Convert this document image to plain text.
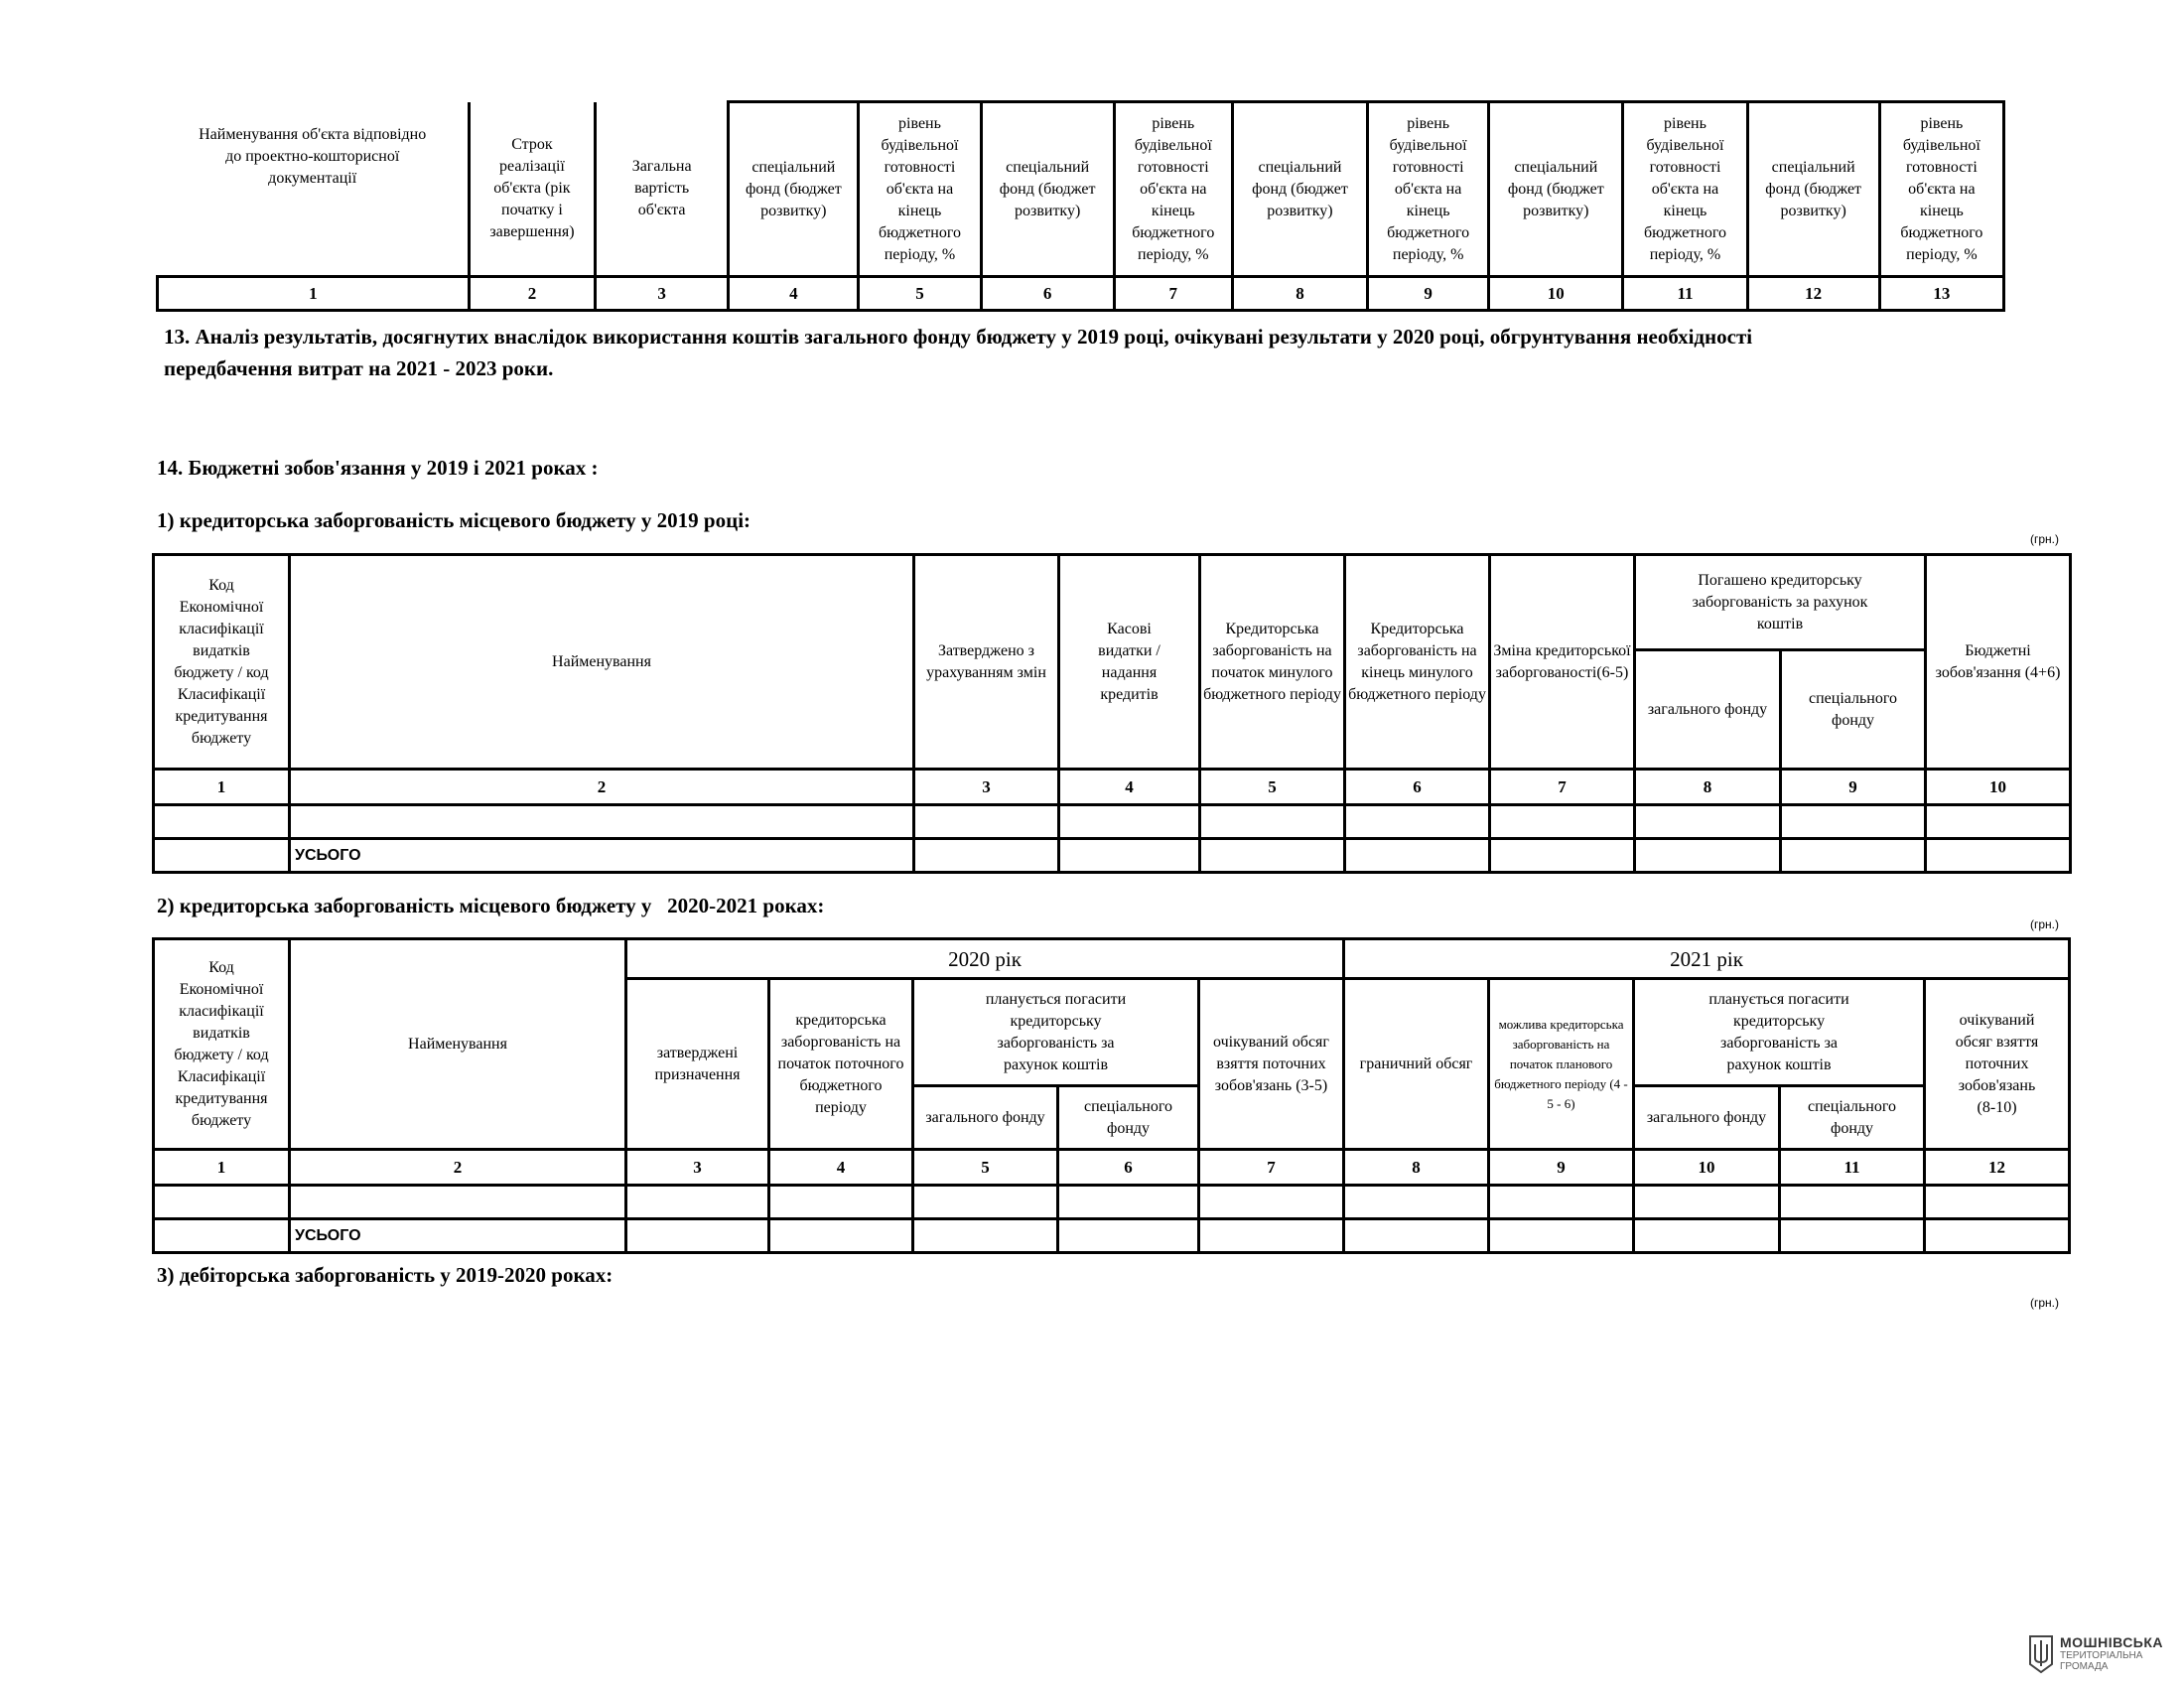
Найменування об'єкта відповідно до проектно-кошторисної документації	Строк реалізації об'єкта (рік початку і завершення)	Загальна вартість об'єкта	спеціальний фонд (бюджет розвитку)	рівень будівельної готовності об'єкта на кінець бюджетного періоду, %	спеціальний фонд (бюджет розвитку)	рівень будівельної готовності об'єкта на кінець бюджетного періоду, %	спеціальний фонд (бюджет розвитку)	рівень будівельної готовності об'єкта на кінець бюджетного періоду, %	спеціальний фонд (бюджет розвитку)	рівень будівельної готовності об'єкта на кінець бюджетного періоду, %	спеціальний фонд (бюджет розвитку)	рівень будівельної готовності об'єкта на кінець бюджетного періоду, %
1	2	3	4	5	6	7	8	9	10	11	12	13
13. Аналіз результатів, досягнутих внаслідок використання коштів загального фонду бюджету у 2019 році, очікувані результати у 2020 році, обгрунтування необхідності
передбачення витрат на 2021 - 2023 роки.
14. Бюджетні зобов'язання у 2019 і 2021 роках :
1) кредиторська заборгованість місцевого бюджету у 2019 році:
(грн.)
Код Економічної класифікації видатків бюджету / код Класифікації кредитування бюджету	Найменування	Затверджено з урахуванням змін	Касові видатки / надання кредитів	Кредиторська заборгованість на початок минулого бюджетного періоду	Кредиторська заборгованість на кінець минулого бюджетного періоду	Зміна кредиторської заборгованості(6-5)	Погашено кредиторську заборгованість за рахунок коштів		Бюджетні зобов'язання (4+6)
							загального фонду	спеціального фонду	
1	2	3	4	5	6	7	8	9	10

	УСЬОГО								
2) кредиторська заборгованість місцевого бюджету у   2020-2021 роках:
(грн.)
Код Економічної класифікації видатків бюджету / код Класифікації кредитування бюджету	Найменування	2020 рік					2021 рік				
		затверджені призначення	кредиторська заборгованість на початок поточного бюджетного періоду	планується погасити кредиторську заборгованість за рахунок коштів		очікуваний обсяг взяття поточних зобов'язань (3-5)	граничний обсяг	можлива кредиторська заборгованість на початок планового бюджетного періоду (4 - 5 - 6)	планується погасити кредиторську заборгованість за рахунок коштів		очікуваний обсяг взяття поточних зобов'язань (8-10)
				загального фонду	спеціального фонду				загального фонду	спеціального фонду	
1	2	3	4	5	6	7	8	9	10	11	12

	УСЬОГО										
3) дебіторська заборгованість у 2019-2020 роках:
(грн.)
МОШНІВСЬКА
ТЕРИТОРІАЛЬНА
ГРОМАДА
